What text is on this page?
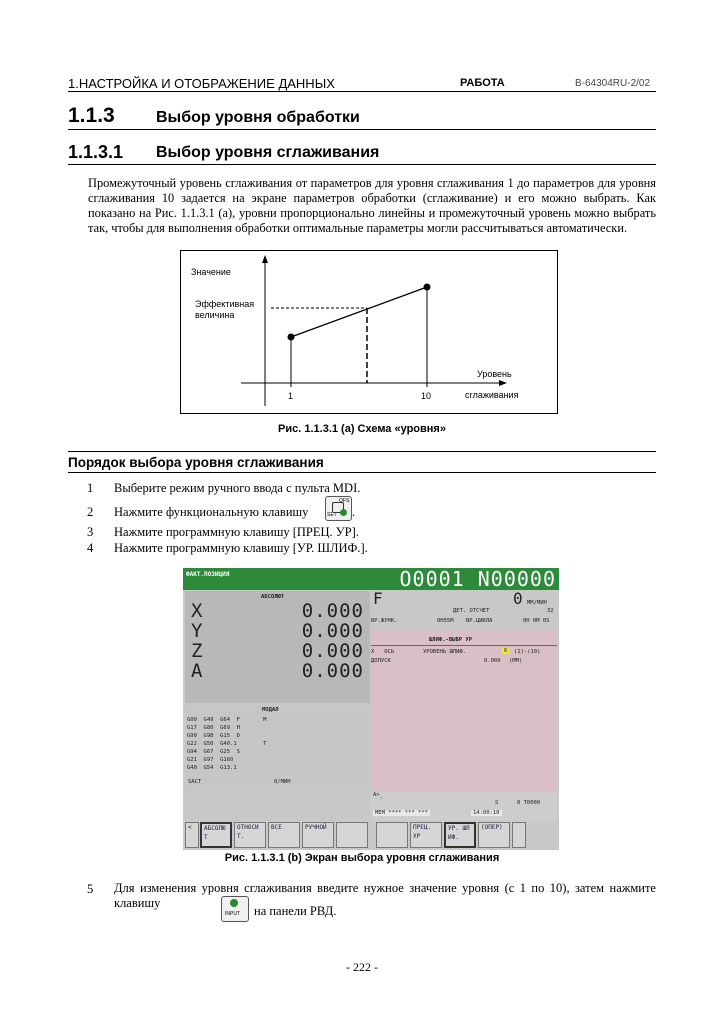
1.НАСТРОЙКА И ОТОБРАЖЕНИЕ ДАННЫХ	РАБОТА	B-64304RU-2/02
1.1.3	Выбор уровня обработки
1.1.3.1 Выбор уровня сглаживания
Промежуточный уровень сглаживания от параметров для уровня сглаживания 1 до параметров для уровня сглаживания 10 задается на экране параметров обработки (сглаживание) и его можно выбрать. Как показано на Рис. 1.1.3.1 (a), уровни пропорционально линейны и промежуточный уровень можно выбрать так, чтобы для выполнения обработки оптимальные параметры могли рассчитываться автоматически.
Значение
Эффективная
величина
Уровень
сглаживания
1	10
Рис. 1.1.3.1 (a) Схема «уровня»
Порядок выбора уровня сглаживания
1 Выберите режим ручного ввода с пульта MDI.
2 Нажмите функциональную клавишу
OFS
SET .
3 Нажмите программную клавишу [ПРЕЦ. УР].
4 Нажмите программную клавишу [УР. ШЛИФ.].
ФАКТ.ПОЗИЦИЯ	O0001 N00000
АБСОЛЮТ
X	0.000
Y	0.000
Z	0.000
A	0.000
F	0 ММ/МИН
ДЕТ. ОТСЧЕТ	32
ВР.ФУНК.	0H55M ВР.ЦИКЛА	0H 0M 0S
ШЛИФ.-ВЫБР УР
X   ОСЬ	УРОВЕНЬ ШЛИФ.	6	(1)-(10)
ДОПУСК	0.000 (ММ)
МОДАЛ
G00  G49  G64  F       M
G17  G80  G69  H
G90  G98  G15  D
G22  G50  G40.1        T
G94  G67  G25  S
G21  G97  G160
G40  G54  G13.1
SACT	0/МИН
A>_
S	0 T0000
MEM **** *** ***	14:00:10
<	АБСОЛЮ Т
ОТНОСИ Т.
ВСЕ	РУЧНОЙ	ПРЕЦ. УР
УР. ШЛ ИФ.
(ОПЕР)
Рис. 1.1.3.1 (b) Экран выбора уровня сглаживания
5 Для изменения уровня сглаживания введите нужное значение уровня (с 1 по 10), затем нажмите клавишу
INPUT на панели РВД.
- 222 -
